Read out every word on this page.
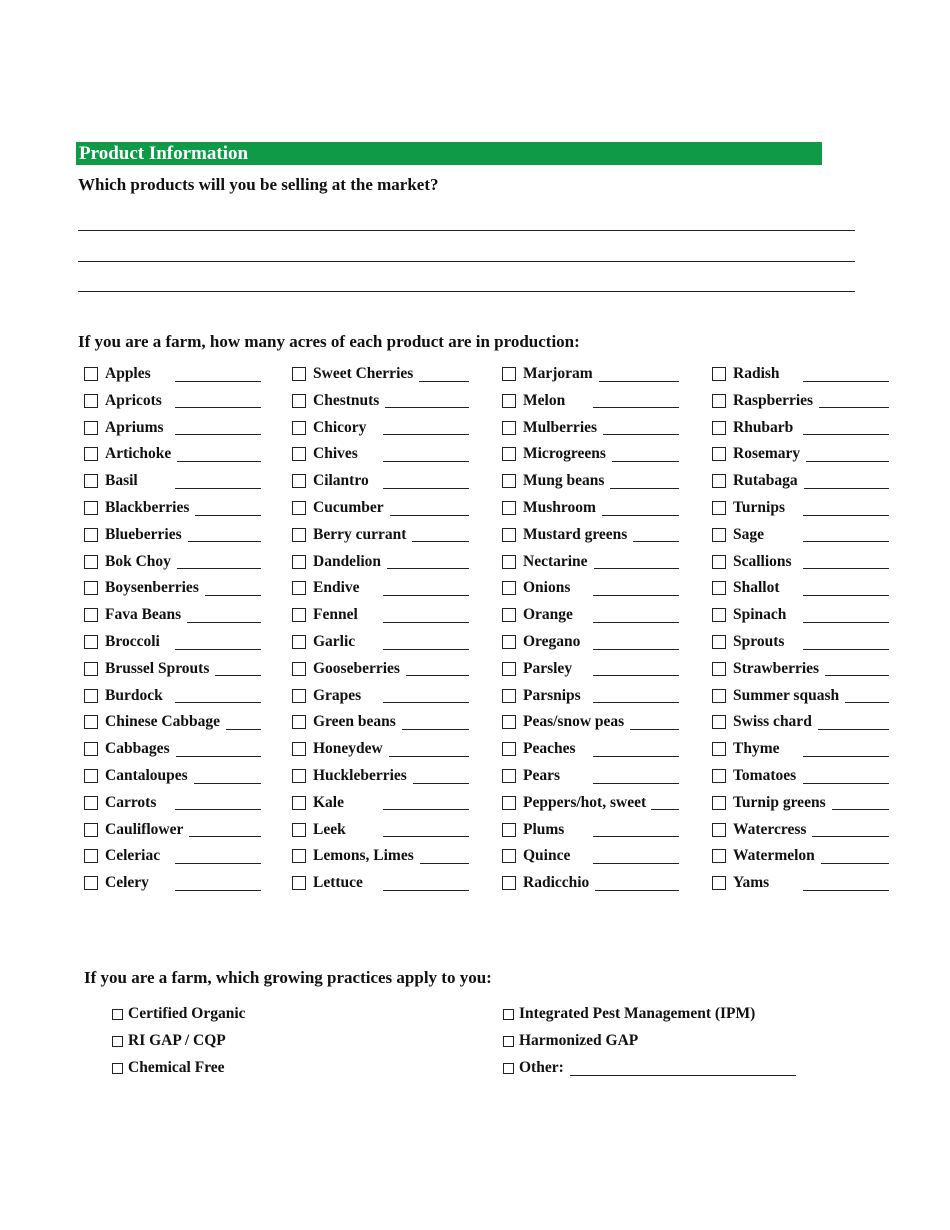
Product Information
Which products will you be selling at the market?
If you are a farm, how many acres of each product are in production:
Apples
Apricots
Apriums
Artichoke
Basil
Blackberries
Blueberries
Bok Choy
Boysenberries
Fava Beans
Broccoli
Brussel Sprouts
Burdock
Chinese Cabbage
Cabbages
Cantaloupes
Carrots
Cauliflower
Celeriac
Celery
Sweet Cherries
Chestnuts
Chicory
Chives
Cilantro
Cucumber
Berry currant
Dandelion
Endive
Fennel
Garlic
Gooseberries
Grapes
Green beans
Honeydew
Huckleberries
Kale
Leek
Lemons, Limes
Lettuce
Marjoram
Melon
Mulberries
Microgreens
Mung beans
Mushroom
Mustard greens
Nectarine
Onions
Orange
Oregano
Parsley
Parsnips
Peas/snow peas
Peaches
Pears
Peppers/hot, sweet
Plums
Quince
Radicchio
Radish
Raspberries
Rhubarb
Rosemary
Rutabaga
Turnips
Sage
Scallions
Shallot
Spinach
Sprouts
Strawberries
Summer squash
Swiss chard
Thyme
Tomatoes
Turnip greens
Watercress
Watermelon
Yams
If you are a farm, which growing practices apply to you:
Certified Organic
RI GAP / CQP
Chemical Free
Integrated Pest Management (IPM)
Harmonized GAP
Other:
